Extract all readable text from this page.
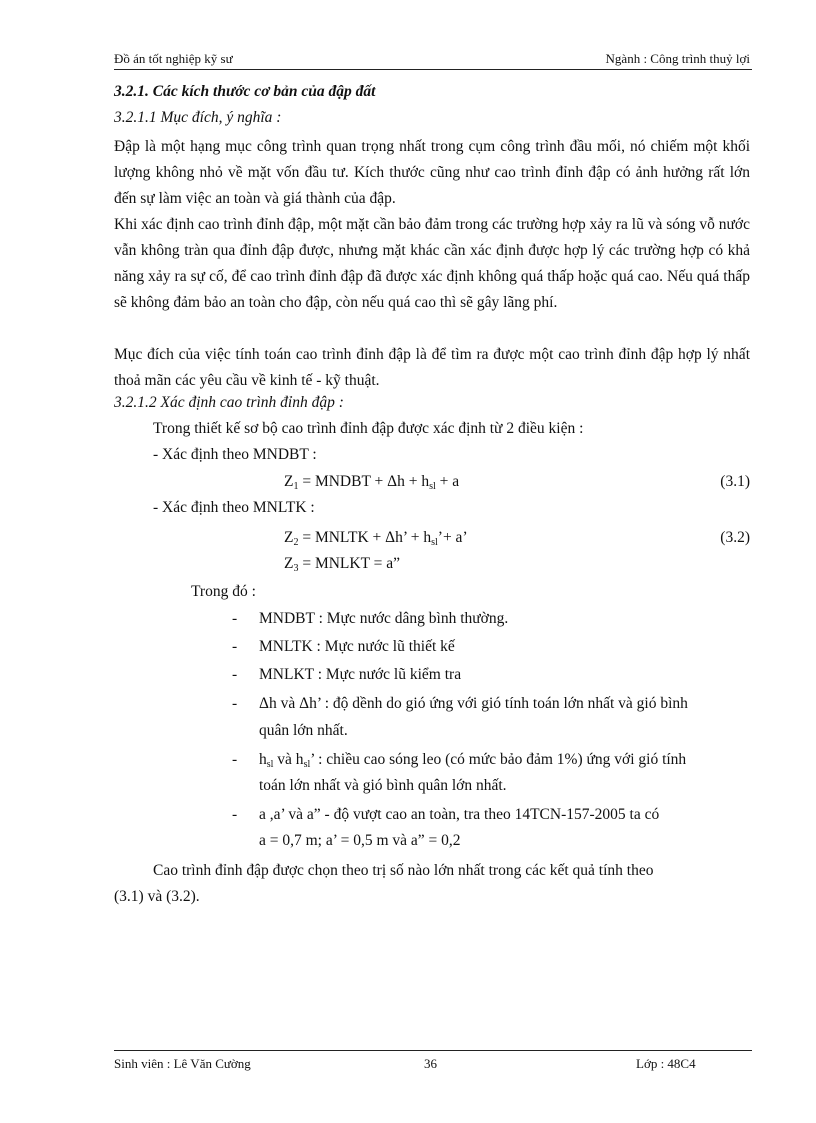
Đồ án tốt nghiệp kỹ sư	Ngành : Công trình thuỷ lợi
3.2.1. Các kích thước cơ bản của đập đất
3.2.1.1 Mục đích, ý nghĩa :
Đập là một hạng mục công trình quan trọng nhất trong cụm công trình đầu mối, nó chiếm một khối lượng không nhỏ về mặt vốn đầu tư. Kích thước cũng như cao trình đỉnh đập có ảnh hưởng rất lớn đến sự làm việc an toàn và giá thành của đập.
Khi xác định cao trình đỉnh đập, một mặt cần bảo đảm trong các trường hợp xảy ra lũ và sóng vỗ nước vẫn không tràn qua đỉnh đập được, nhưng mặt khác cần xác định được hợp lý các trường hợp có khả năng xảy ra sự cố, để cao trình đỉnh đập đã được xác định không quá thấp hoặc quá cao. Nếu quá thấp sẽ không đảm bảo an toàn cho đập, còn nếu quá cao thì sẽ gây lãng phí.
Mục đích của việc tính toán cao trình đỉnh đập là để tìm ra được một cao trình đỉnh đập hợp lý nhất thoả mãn các yêu cầu về kinh tế - kỹ thuật.
3.2.1.2 Xác định cao trình đỉnh đập :
Trong thiết kế sơ bộ cao trình đỉnh đập được xác định từ 2 điều kiện :
- Xác định theo MNDBT :
$Z_1$ = MNDBT + $\Delta h + h_{sl} + a$	(3.1)
- Xác định theo MNLTK :
$Z_2$ = MNLTK + Δh’ + $h_{sl}’+ a$’	(3.2)
$Z_3$ = MNLKT = a”
Trong đó :
- MNDBT : Mực nước dâng bình thường.
- MNLTK : Mực nước lũ thiết kế
- MNLKT : Mực nước lũ kiểm tra
- Δh và Δh’ : độ dềnh do gió ứng với gió tính toán lớn nhất và gió bình
quân lớn nhất.
- $h_{sl}$ và $h_{sl}$’ : chiều cao sóng leo (có mức bảo đảm 1%) ứng với gió tính
toán lớn nhất và gió bình quân lớn nhất.
- a ,a’ và a” - độ vượt cao an toàn, tra theo 14TCN-157-2005 ta có
a = 0,7 m; a’ = 0,5 m và a” = 0,2
Cao trình đỉnh đập được chọn theo trị số nào lớn nhất trong các kết quả tính theo
(3.1) và (3.2).
Sinh viên : Lê Văn Cường	36	Lớp : 48C4
